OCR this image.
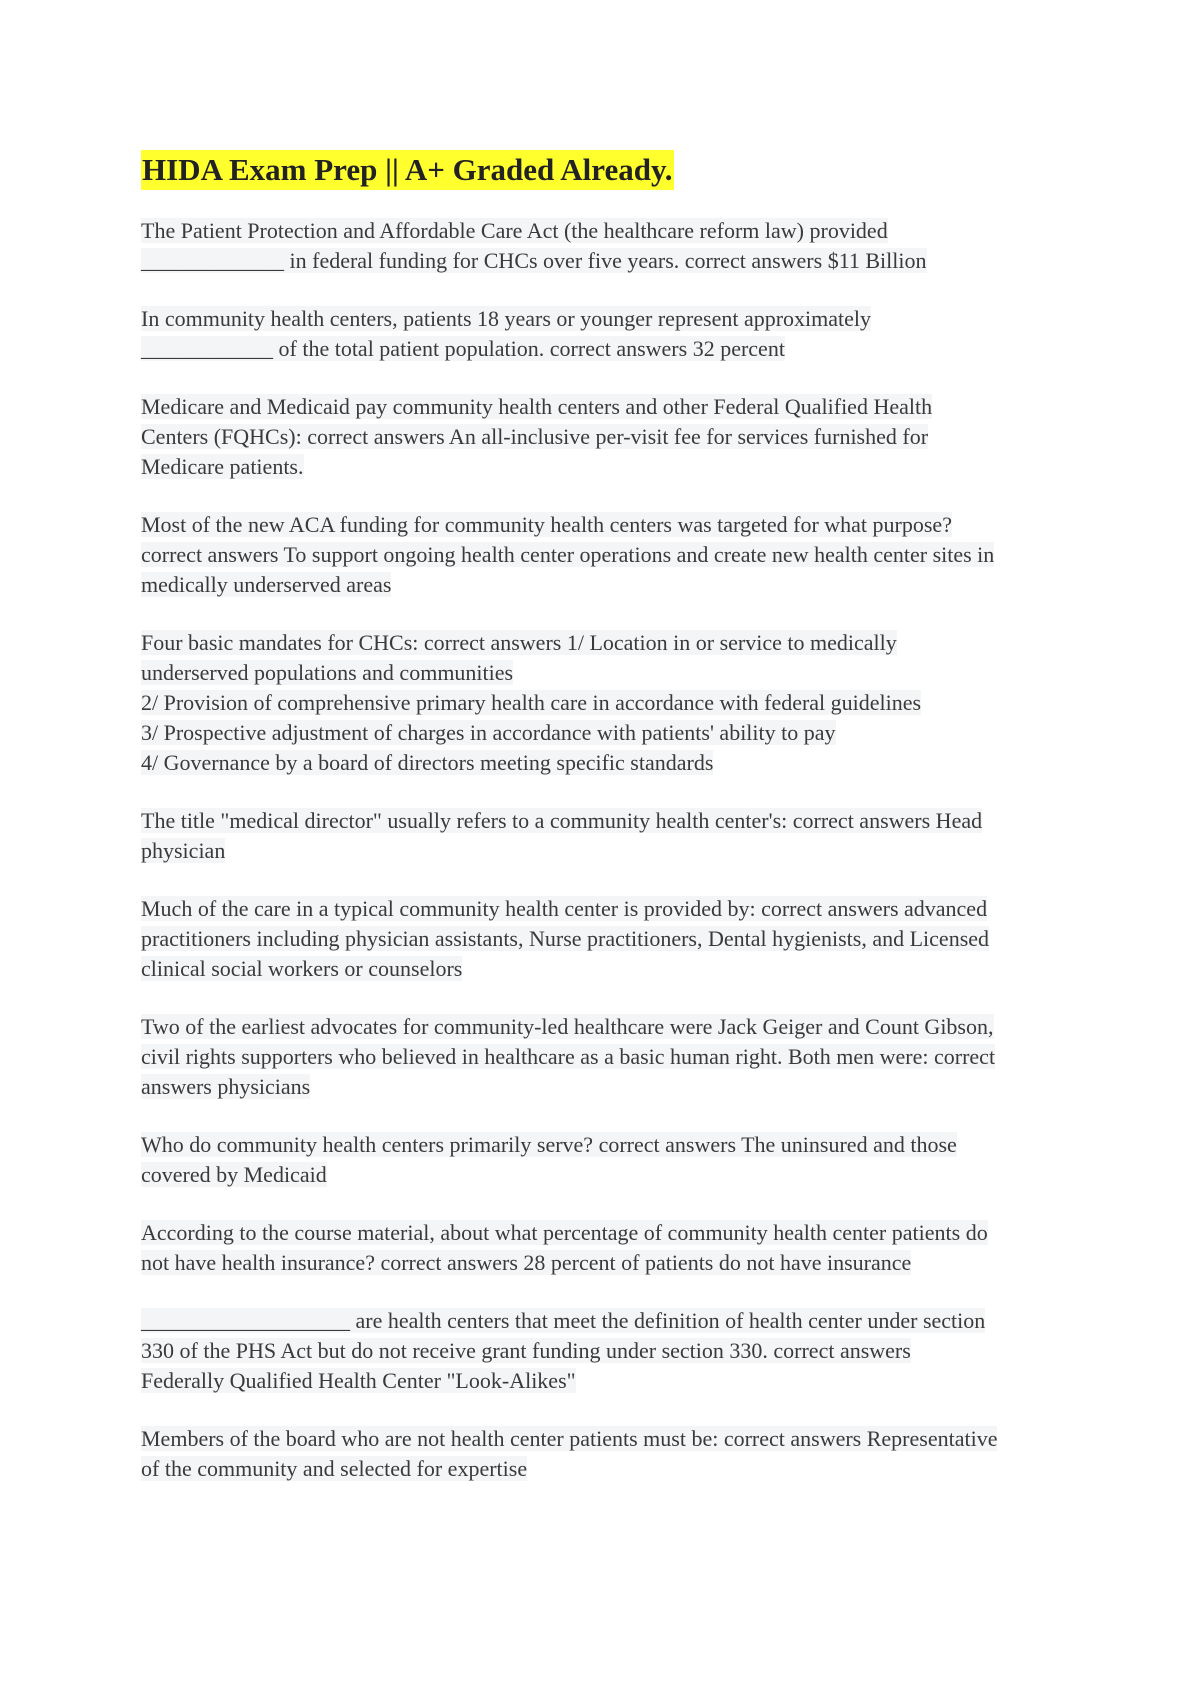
HIDA Exam Prep || A+ Graded Already.
The Patient Protection and Affordable Care Act (the healthcare reform law) provided
_____________ in federal funding for CHCs over five years. correct answers $11 Billion
In community health centers, patients 18 years or younger represent approximately
____________ of the total patient population. correct answers 32 percent
Medicare and Medicaid pay community health centers and other Federal Qualified Health
Centers (FQHCs): correct answers An all-inclusive per-visit fee for services furnished for
Medicare patients.
Most of the new ACA funding for community health centers was targeted for what purpose?
correct answers To support ongoing health center operations and create new health center sites in
medically underserved areas
Four basic mandates for CHCs: correct answers 1/ Location in or service to medically
underserved populations and communities
2/ Provision of comprehensive primary health care in accordance with federal guidelines
3/ Prospective adjustment of charges in accordance with patients' ability to pay
4/ Governance by a board of directors meeting specific standards
The title "medical director" usually refers to a community health center's: correct answers Head
physician
Much of the care in a typical community health center is provided by: correct answers advanced
practitioners including physician assistants, Nurse practitioners, Dental hygienists, and Licensed
clinical social workers or counselors
Two of the earliest advocates for community-led healthcare were Jack Geiger and Count Gibson,
civil rights supporters who believed in healthcare as a basic human right. Both men were: correct
answers physicians
Who do community health centers primarily serve? correct answers The uninsured and those
covered by Medicaid
According to the course material, about what percentage of community health center patients do
not have health insurance? correct answers 28 percent of patients do not have insurance
___________________ are health centers that meet the definition of health center under section
330 of the PHS Act but do not receive grant funding under section 330. correct answers
Federally Qualified Health Center "Look-Alikes"
Members of the board who are not health center patients must be: correct answers Representative
of the community and selected for expertise
